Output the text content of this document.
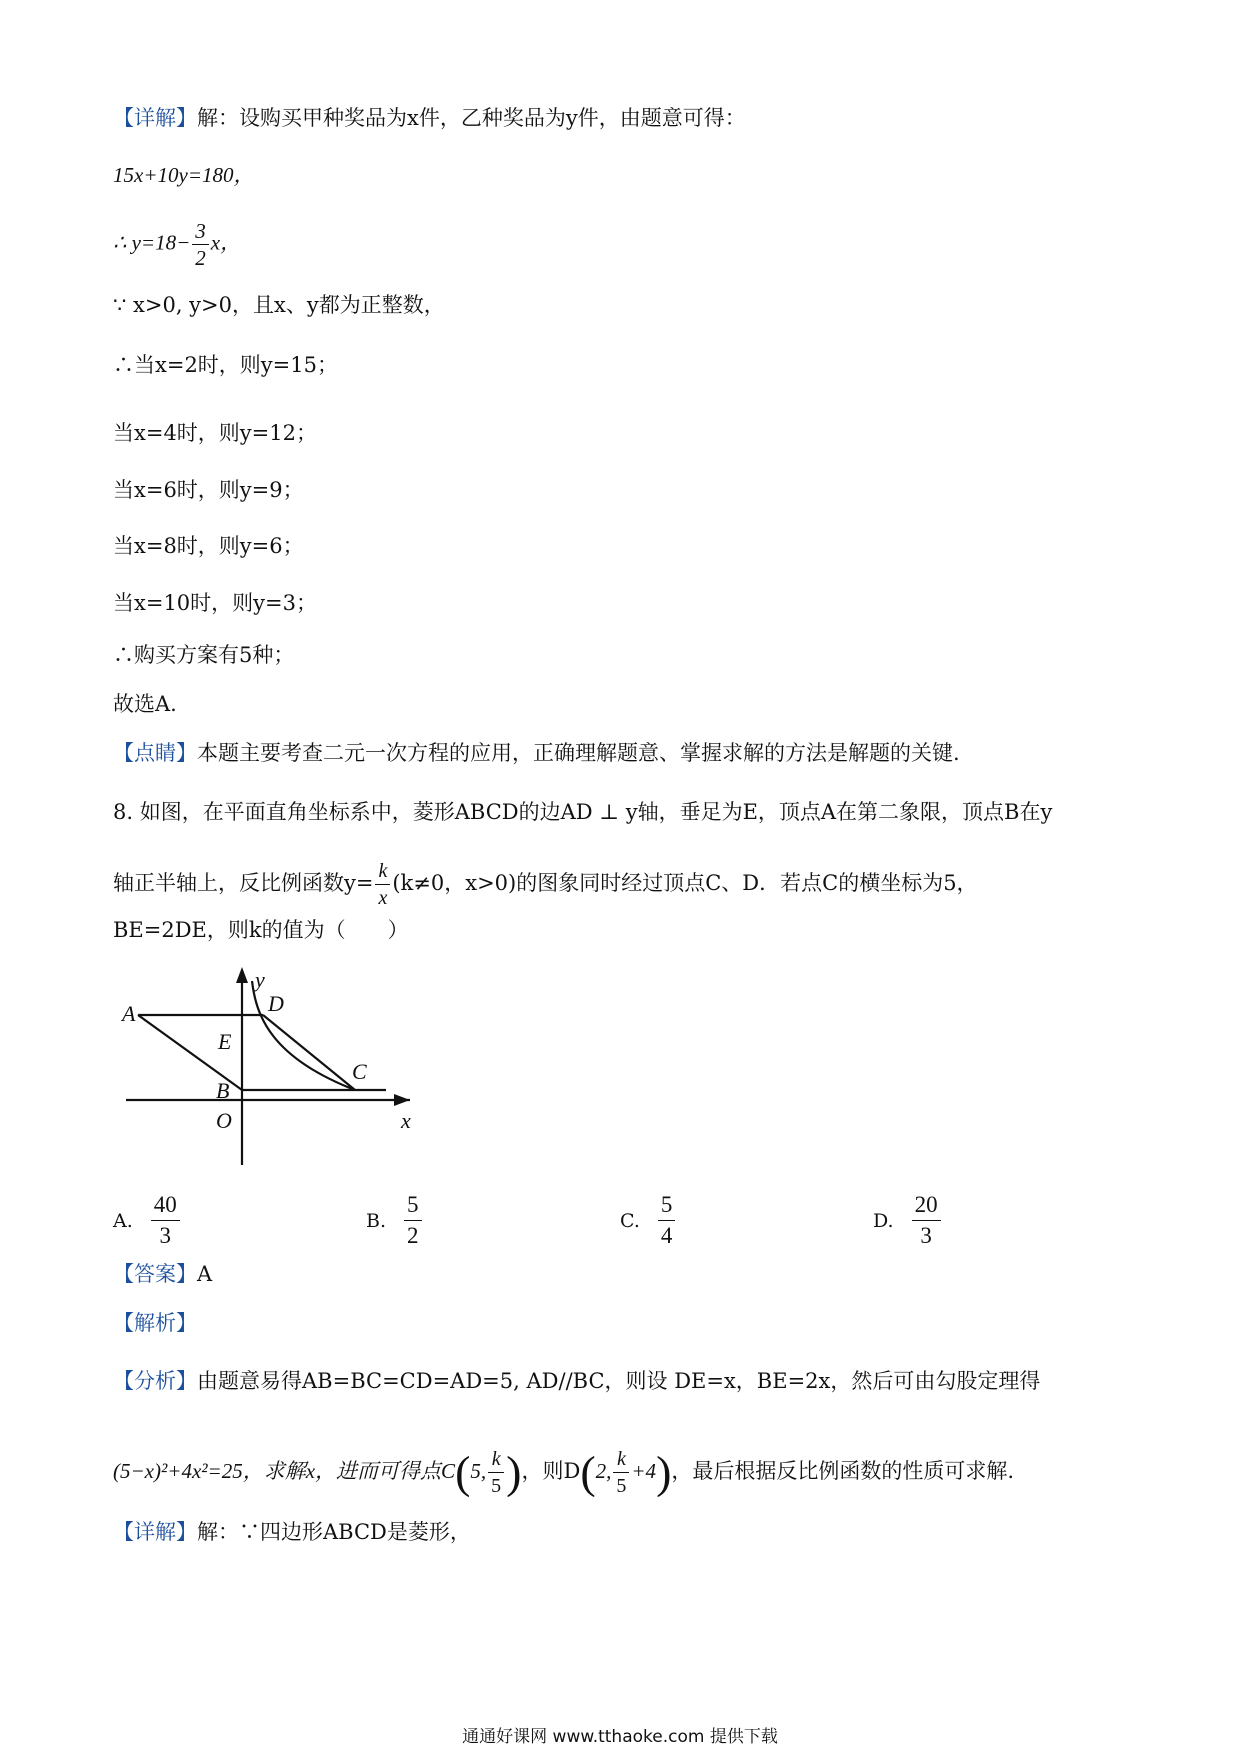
【详解】解：设购买甲种奖品为x件，乙种奖品为y件，由题意可得：
15x+10y=180，
∴ $y=18- \frac{3}{2}$ x，
∵ x>0, y>0，且x、y都为正整数，
∴当x=2时，则y=15；
当x=4时，则y=12；
当x=6时，则y=9；
当x=8时，则y=6；
当x=10时，则y=3；
∴购买方案有5种；
故选A.
【点睛】本题主要考查二元一次方程的应用，正确理解题意、掌握求解的方法是解题的关键.
8. 如图，在平面直角坐标系中，菱形ABCD的边AD ⊥ y轴，垂足为E，顶点A在第二象限，顶点B在y
轴正半轴上，反比例函数$y= \frac{k}{x} (k\ne 0$，x>0)的图象同时经过顶点C、D．若点C的横坐标为5，
BE=2DE，则k的值为（　　）
A
E
D
C
B
O	x
y
A. $\frac{40}{3}$	B. $\frac{5}{2}$	C. $\frac{5}{4}$	D. $\frac{20}{3}$
【答案】A
【解析】
【分析】由题意易得AB=BC=CD=AD=5, AD//BC，则设 DE=x，BE=2x，然后可由勾股定理得
(5−x)²+4x²=25，求解x，进而可得点C(5, $\frac{k}{5}$ )，则D(2, $\frac{k}{5} +4$)，最后根据反比例函数的性质可求解.
【详解】解：∵四边形ABCD是菱形，
通通好课网 www.tthaoke.com 提供下载
